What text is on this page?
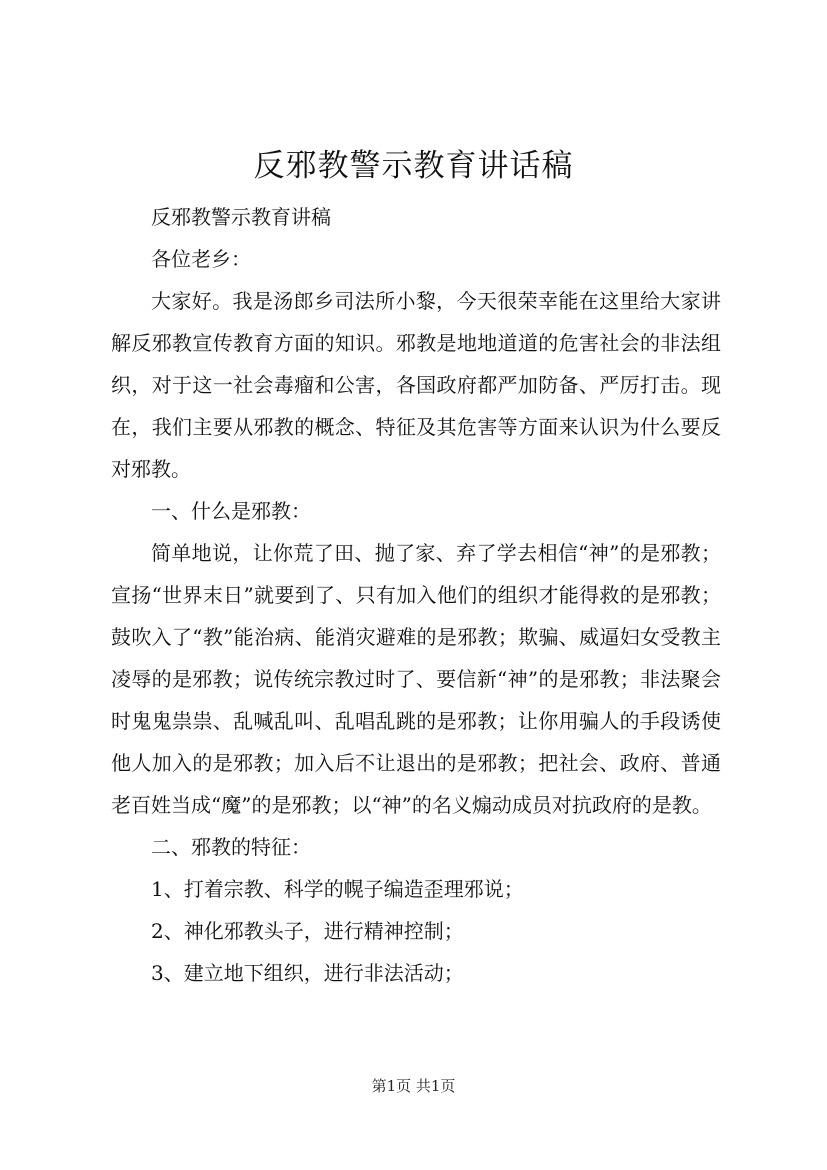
反邪教警示教育讲话稿

反邪教警示教育讲稿

各位老乡：

大家好。我是汤郎乡司法所小黎，今天很荣幸能在这里给大家讲解反邪教宣传教育方面的知识。邪教是地地道道的危害社会的非法组织，对于这一社会毒瘤和公害，各国政府都严加防备、严厉打击。现在，我们主要从邪教的概念、特征及其危害等方面来认识为什么要反对邪教。

一、什么是邪教：

简单地说，让你荒了田、抛了家、弃了学去相信“神”的是邪教；宣扬“世界末日”就要到了、只有加入他们的组织才能得救的是邪教；鼓吹入了“教”能治病、能消灾避难的是邪教；欺骗、威逼妇女受教主凌辱的是邪教；说传统宗教过时了、要信新“神”的是邪教；非法聚会时鬼鬼祟祟、乱喊乱叫、乱唱乱跳的是邪教；让你用骗人的手段诱使他人加入的是邪教；加入后不让退出的是邪教；把社会、政府、普通老百姓当成“魔”的是邪教；以“神”的名义煽动成员对抗政府的是教。

二、邪教的特征：

1、打着宗教、科学的幌子编造歪理邪说；

2、神化邪教头子，进行精神控制；

3、建立地下组织，进行非法活动；

第1页 共1页
